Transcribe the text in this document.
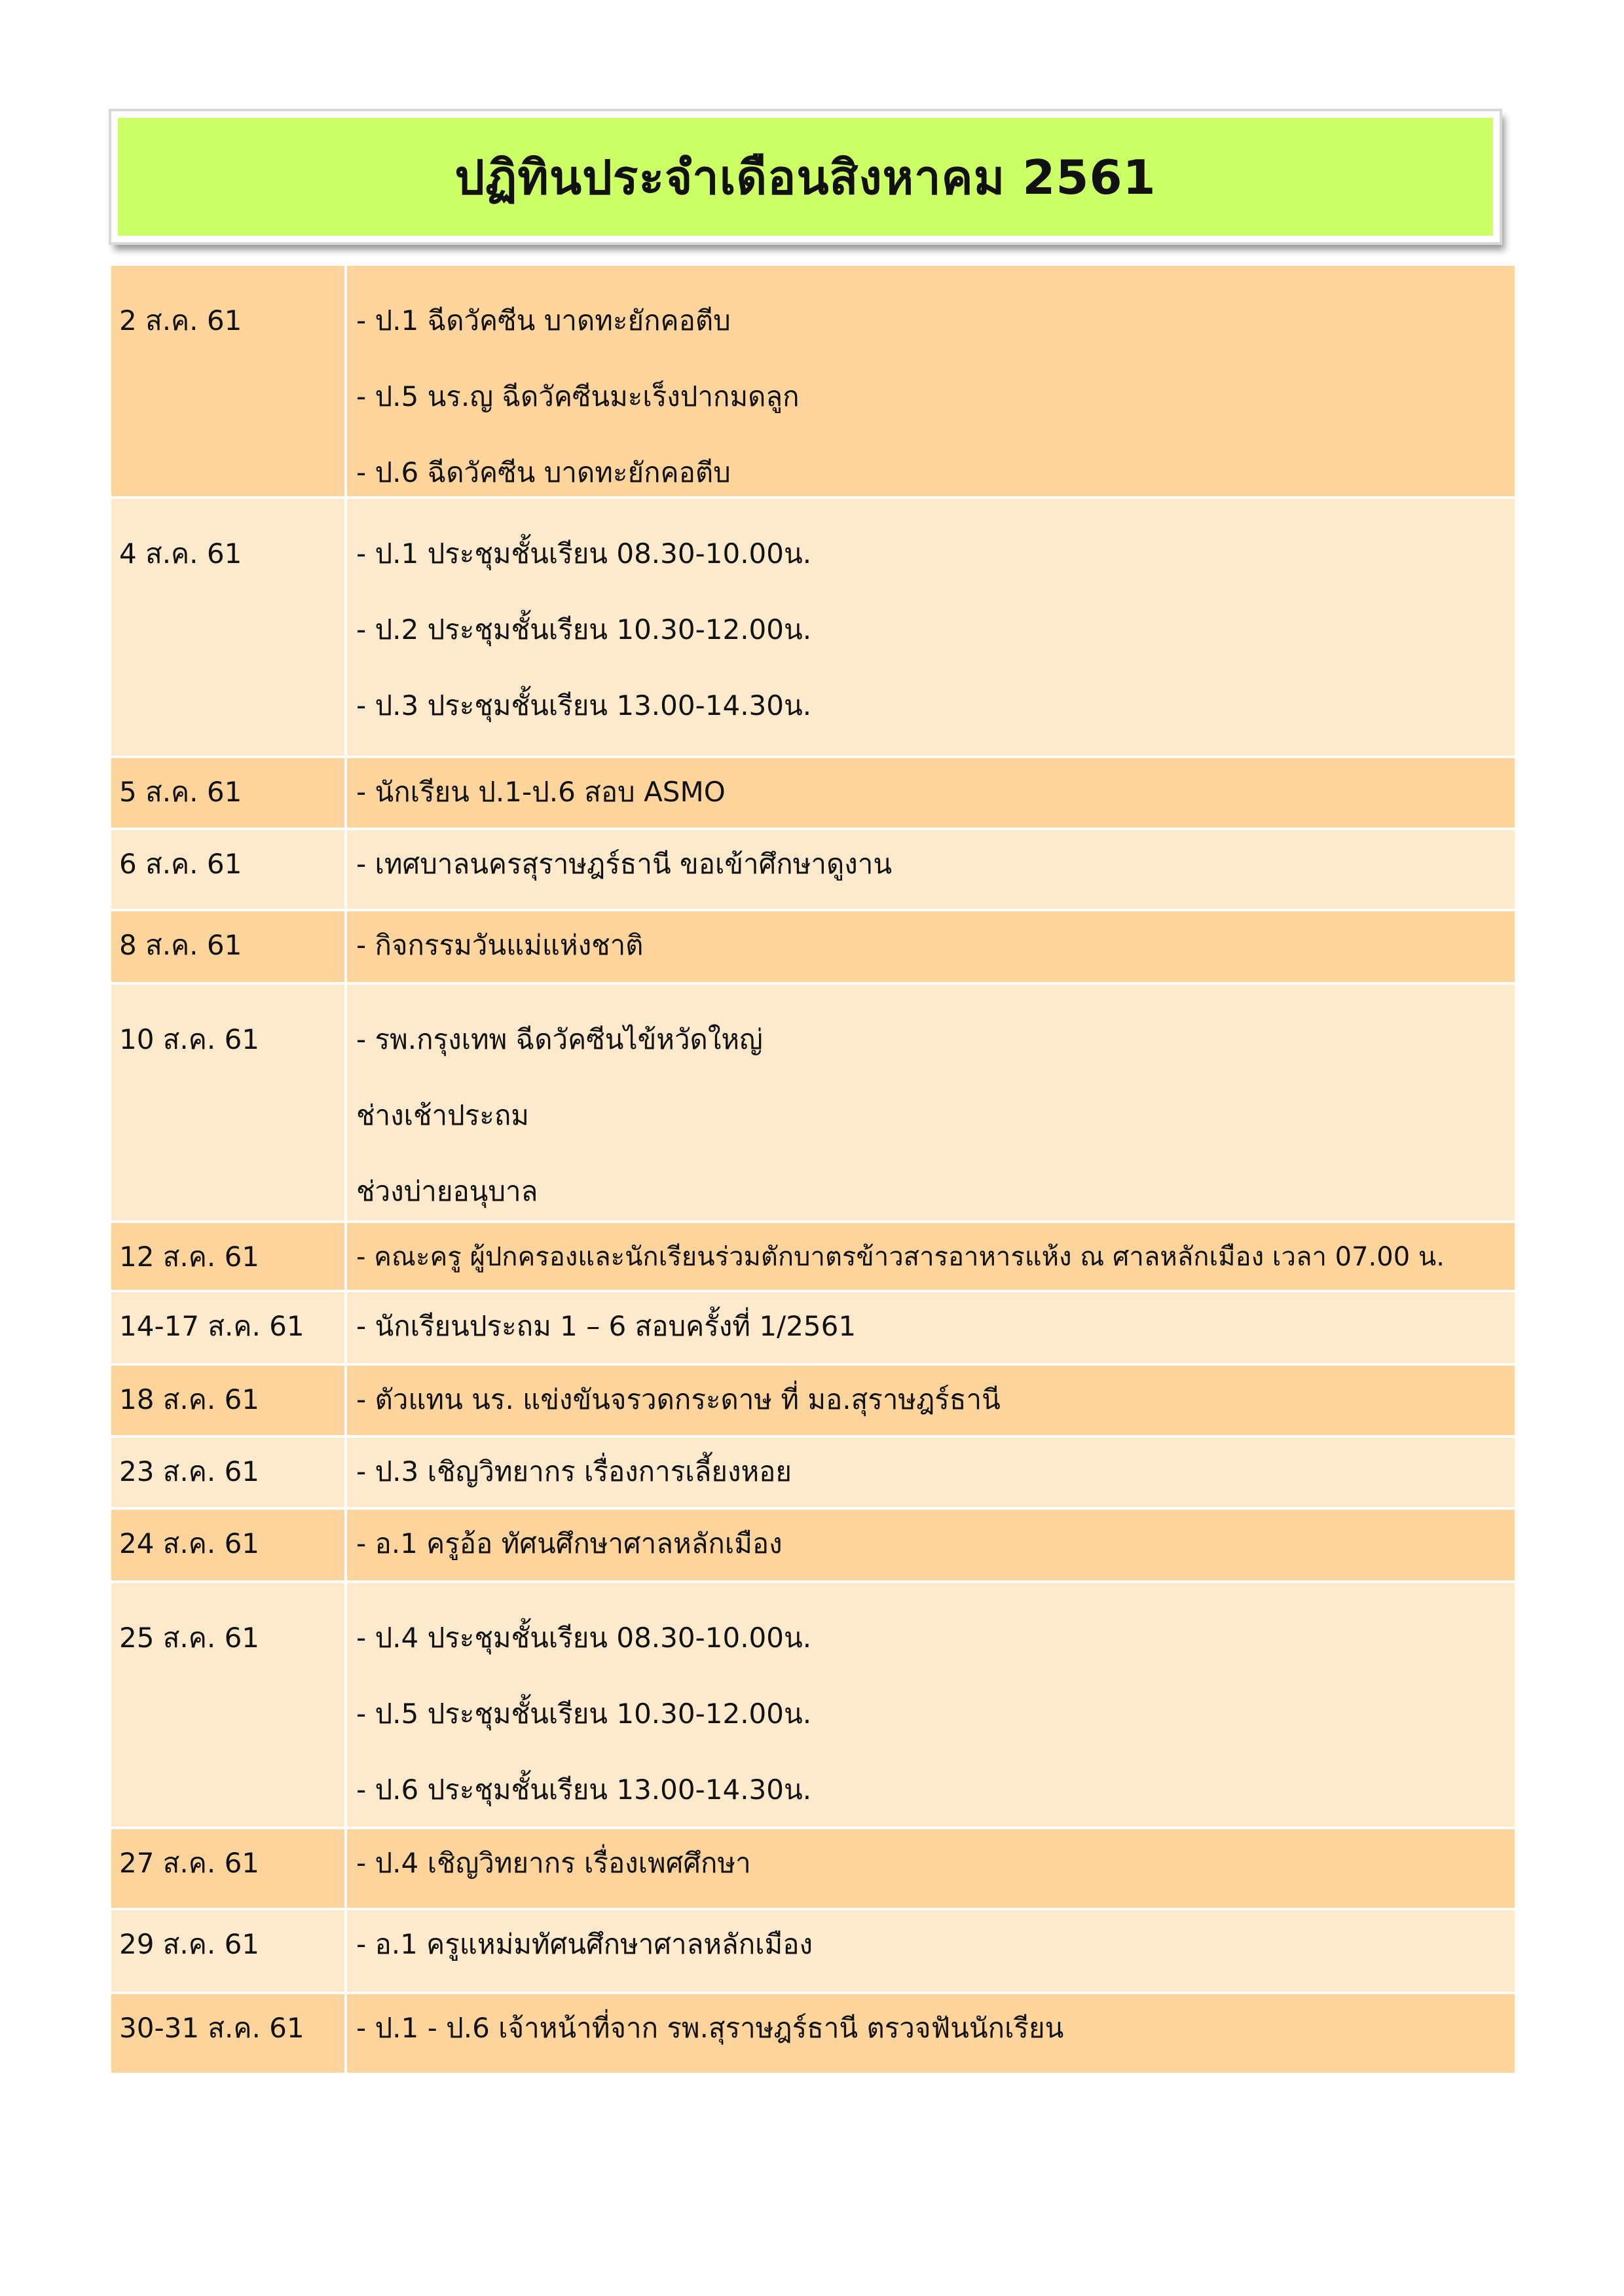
ปฏิทินประจำเดือนสิงหาคม 2561
2 ส.ค. 61	- ป.1 ฉีดวัคซีน บาดทะยักคอตีบ
- ป.5 นร.ญ ฉีดวัคซีนมะเร็งปากมดลูก
- ป.6 ฉีดวัคซีน บาดทะยักคอตีบ
4 ส.ค. 61	- ป.1 ประชุมชั้นเรียน 08.30-10.00น.
- ป.2 ประชุมชั้นเรียน 10.30-12.00น.
- ป.3 ประชุมชั้นเรียน 13.00-14.30น.
5 ส.ค. 61	- นักเรียน ป.1-ป.6 สอบ ASMO
6 ส.ค. 61	- เทศบาลนครสุราษฎร์ธานี ขอเข้าศึกษาดูงาน
8 ส.ค. 61	- กิจกรรมวันแม่แห่งชาติ
10 ส.ค. 61	- รพ.กรุงเทพ ฉีดวัคซีนไข้หวัดใหญ่
ช่างเช้าประถม
ช่วงบ่ายอนุบาล
12 ส.ค. 61	- คณะครู ผู้ปกครองและนักเรียนร่วมตักบาตรข้าวสารอาหารแห้ง ณ ศาลหลักเมือง เวลา 07.00 น.
14-17 ส.ค. 61	- นักเรียนประถม 1 – 6 สอบครั้งที่ 1/2561
18 ส.ค. 61	- ตัวแทน นร. แข่งขันจรวดกระดาษ ที่ มอ.สุราษฎร์ธานี
23 ส.ค. 61	- ป.3 เชิญวิทยากร เรื่องการเลี้ยงหอย
24 ส.ค. 61	- อ.1 ครูอ้อ ทัศนศึกษาศาลหลักเมือง
25 ส.ค. 61	- ป.4 ประชุมชั้นเรียน 08.30-10.00น.
- ป.5 ประชุมชั้นเรียน 10.30-12.00น.
- ป.6 ประชุมชั้นเรียน 13.00-14.30น.
27 ส.ค. 61	- ป.4 เชิญวิทยากร เรื่องเพศศึกษา
29 ส.ค. 61	- อ.1 ครูแหม่มทัศนศึกษาศาลหลักเมือง
30-31 ส.ค. 61	- ป.1 - ป.6 เจ้าหน้าที่จาก รพ.สุราษฎร์ธานี ตรวจฟันนักเรียน
